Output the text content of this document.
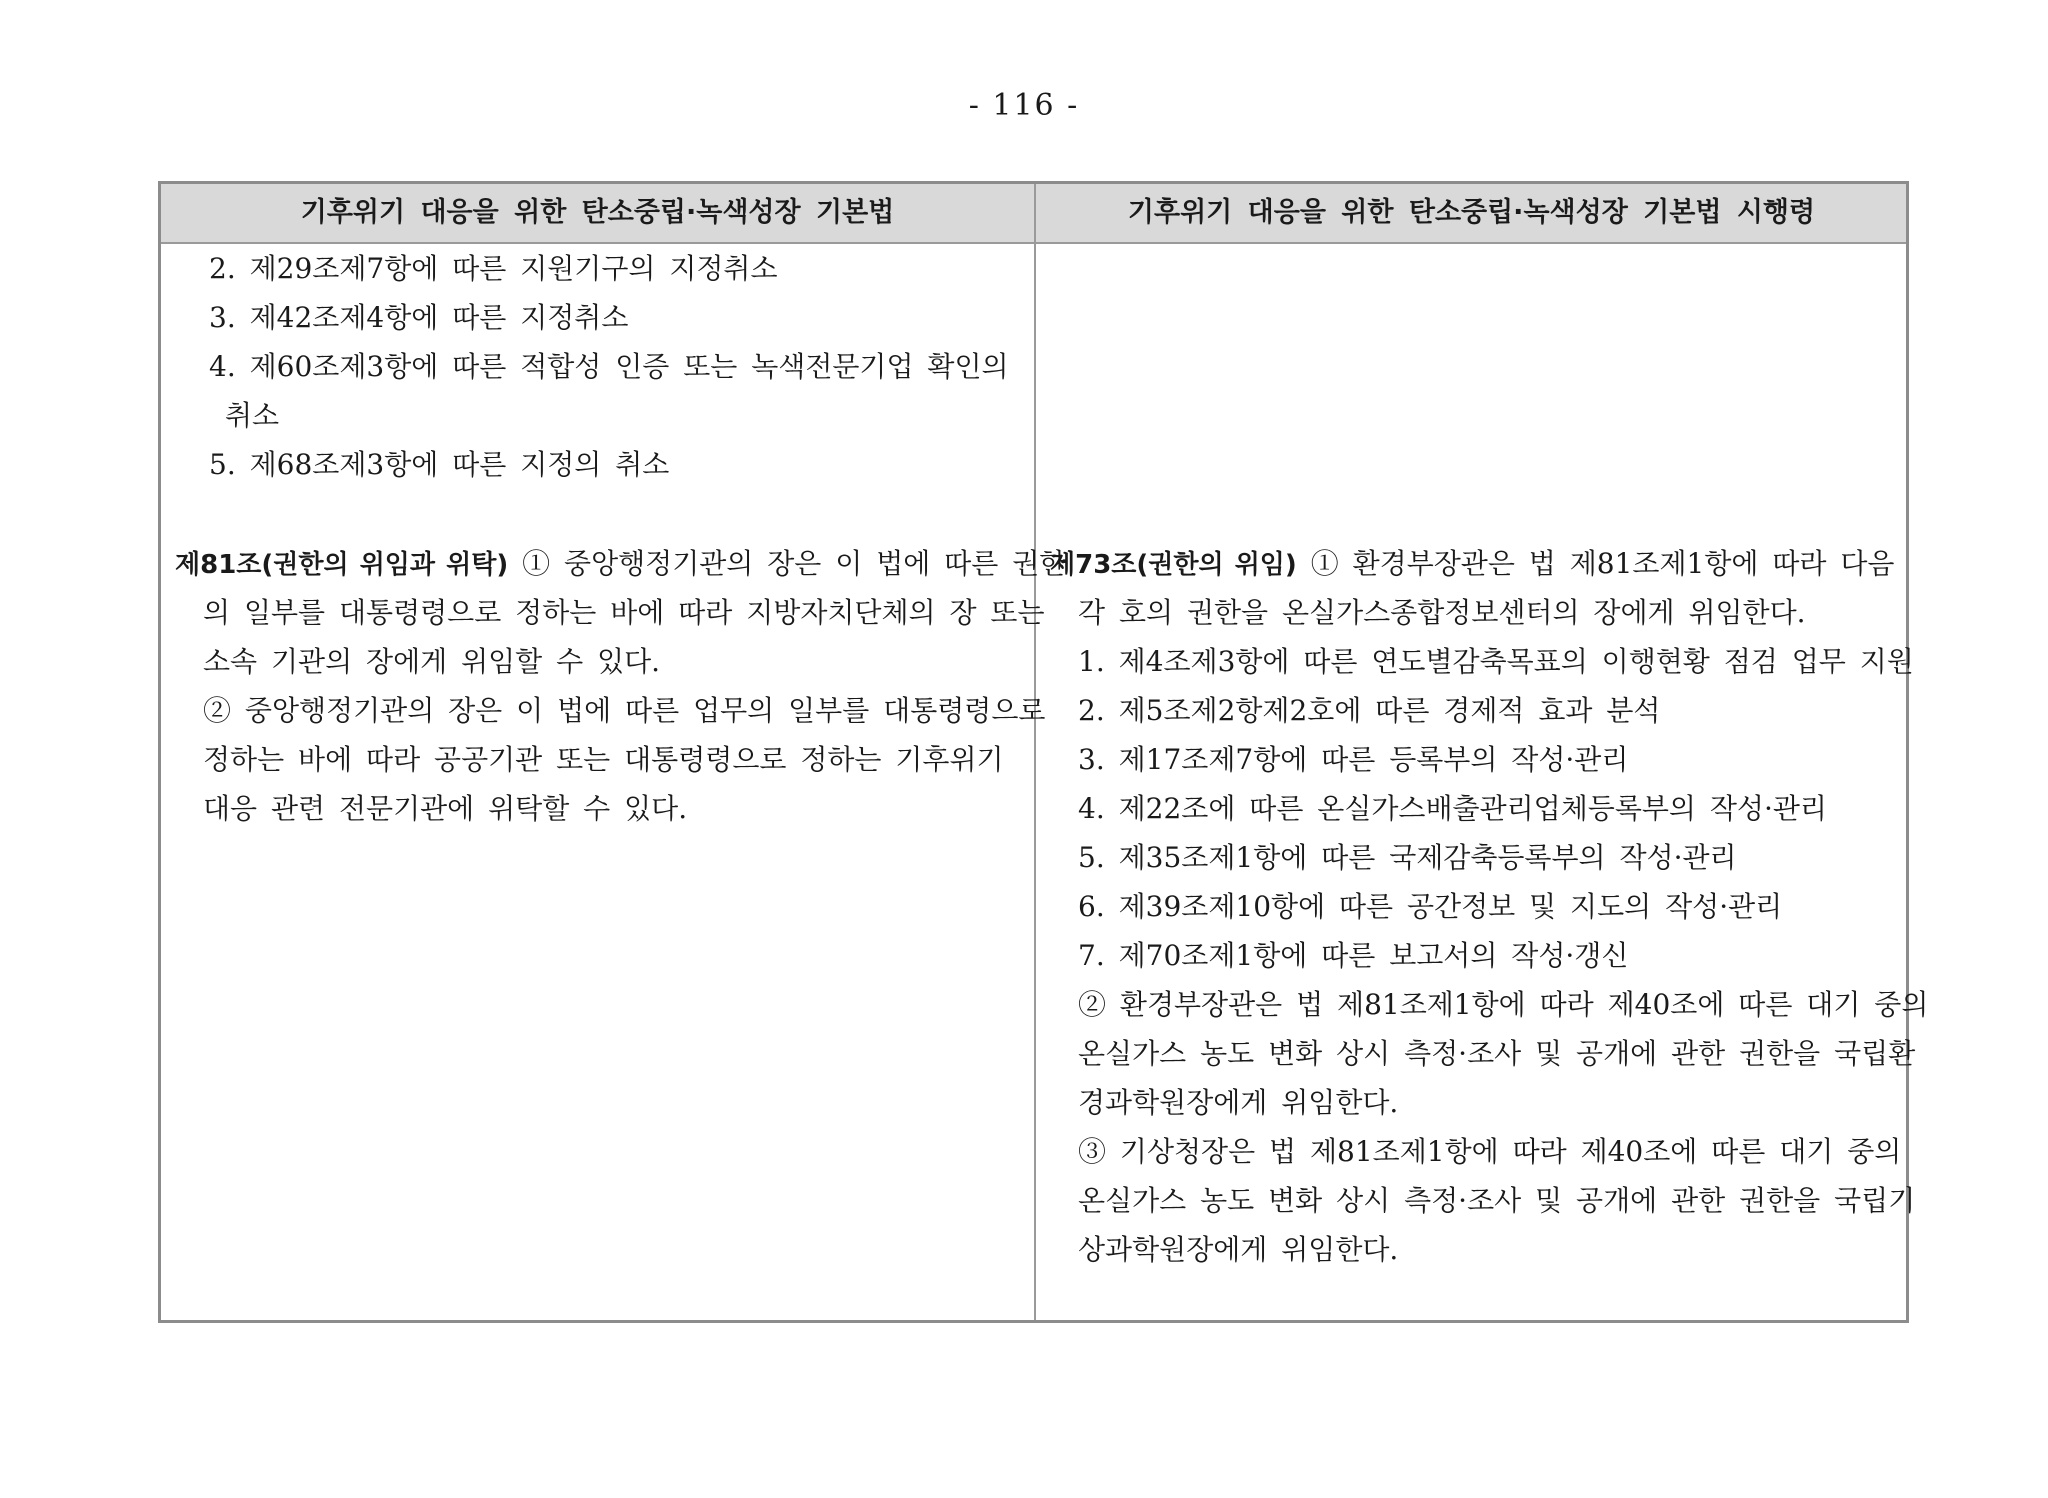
- 116 -
기후위기 대응을 위한 탄소중립·녹색성장 기본법	기후위기 대응을 위한 탄소중립·녹색성장 기본법 시행령
2. 제29조제7항에 따른 지원기구의 지정취소
3. 제42조제4항에 따른 지정취소
4. 제60조제3항에 따른 적합성 인증 또는 녹색전문기업 확인의
취소
5. 제68조제3항에 따른 지정의 취소
제81조(권한의 위임과 위탁) ① 중앙행정기관의 장은 이 법에 따른 권한
의 일부를 대통령령으로 정하는 바에 따라 지방자치단체의 장 또는
소속 기관의 장에게 위임할 수 있다.
② 중앙행정기관의 장은 이 법에 따른 업무의 일부를 대통령령으로
정하는 바에 따라 공공기관 또는 대통령령으로 정하는 기후위기
대응 관련 전문기관에 위탁할 수 있다.
제73조(권한의 위임) ① 환경부장관은 법 제81조제1항에 따라 다음
각 호의 권한을 온실가스종합정보센터의 장에게 위임한다.
1. 제4조제3항에 따른 연도별감축목표의 이행현황 점검 업무 지원
2. 제5조제2항제2호에 따른 경제적 효과 분석
3. 제17조제7항에 따른 등록부의 작성·관리
4. 제22조에 따른 온실가스배출관리업체등록부의 작성·관리
5. 제35조제1항에 따른 국제감축등록부의 작성·관리
6. 제39조제10항에 따른 공간정보 및 지도의 작성·관리
7. 제70조제1항에 따른 보고서의 작성·갱신
② 환경부장관은 법 제81조제1항에 따라 제40조에 따른 대기 중의
온실가스 농도 변화 상시 측정·조사 및 공개에 관한 권한을 국립환
경과학원장에게 위임한다.
③ 기상청장은 법 제81조제1항에 따라 제40조에 따른 대기 중의
온실가스 농도 변화 상시 측정·조사 및 공개에 관한 권한을 국립기
상과학원장에게 위임한다.
